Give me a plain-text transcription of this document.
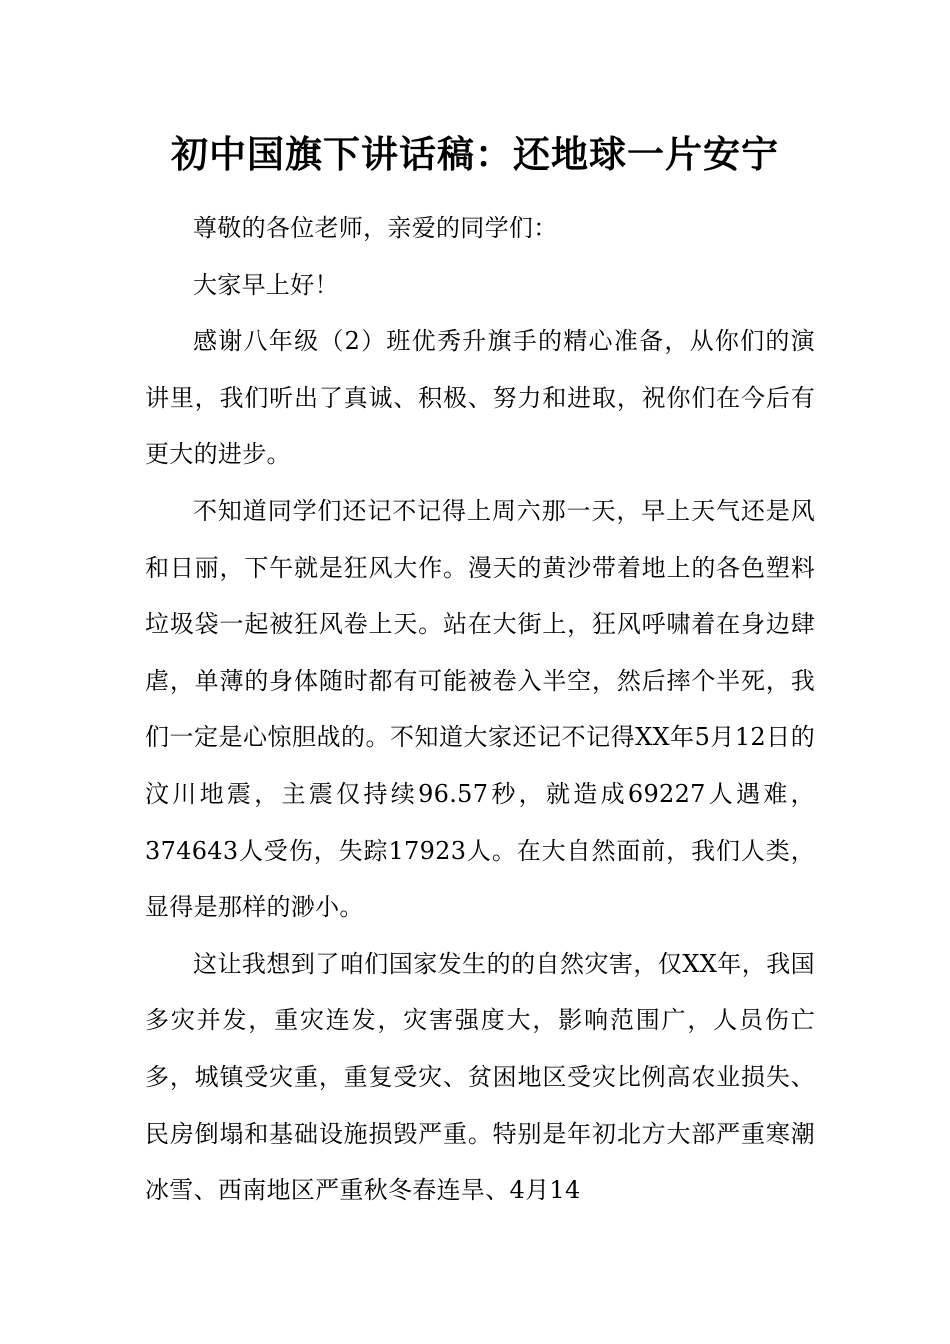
初中国旗下讲话稿：还地球一片安宁

尊敬的各位老师，亲爱的同学们：

大家早上好！

感谢八年级（2）班优秀升旗手的精心准备，从你们的演讲里，我们听出了真诚、积极、努力和进取，祝你们在今后有更大的进步。

不知道同学们还记不记得上周六那一天，早上天气还是风和日丽，下午就是狂风大作。漫天的黄沙带着地上的各色塑料垃圾袋一起被狂风卷上天。站在大街上，狂风呼啸着在身边肆虐，单薄的身体随时都有可能被卷入半空，然后摔个半死，我们一定是心惊胆战的。不知道大家还记不记得XX年5月12日的汶川地震，主震仅持续96.57秒，就造成69227人遇难，374643人受伤，失踪17923人。在大自然面前，我们人类，显得是那样的渺小。

这让我想到了咱们国家发生的的自然灾害，仅XX年，我国多灾并发，重灾连发，灾害强度大，影响范围广，人员伤亡多，城镇受灾重，重复受灾、贫困地区受灾比例高农业损失、民房倒塌和基础设施损毁严重。特别是年初北方大部严重寒潮冰雪、西南地区严重秋冬春连旱、4月14
